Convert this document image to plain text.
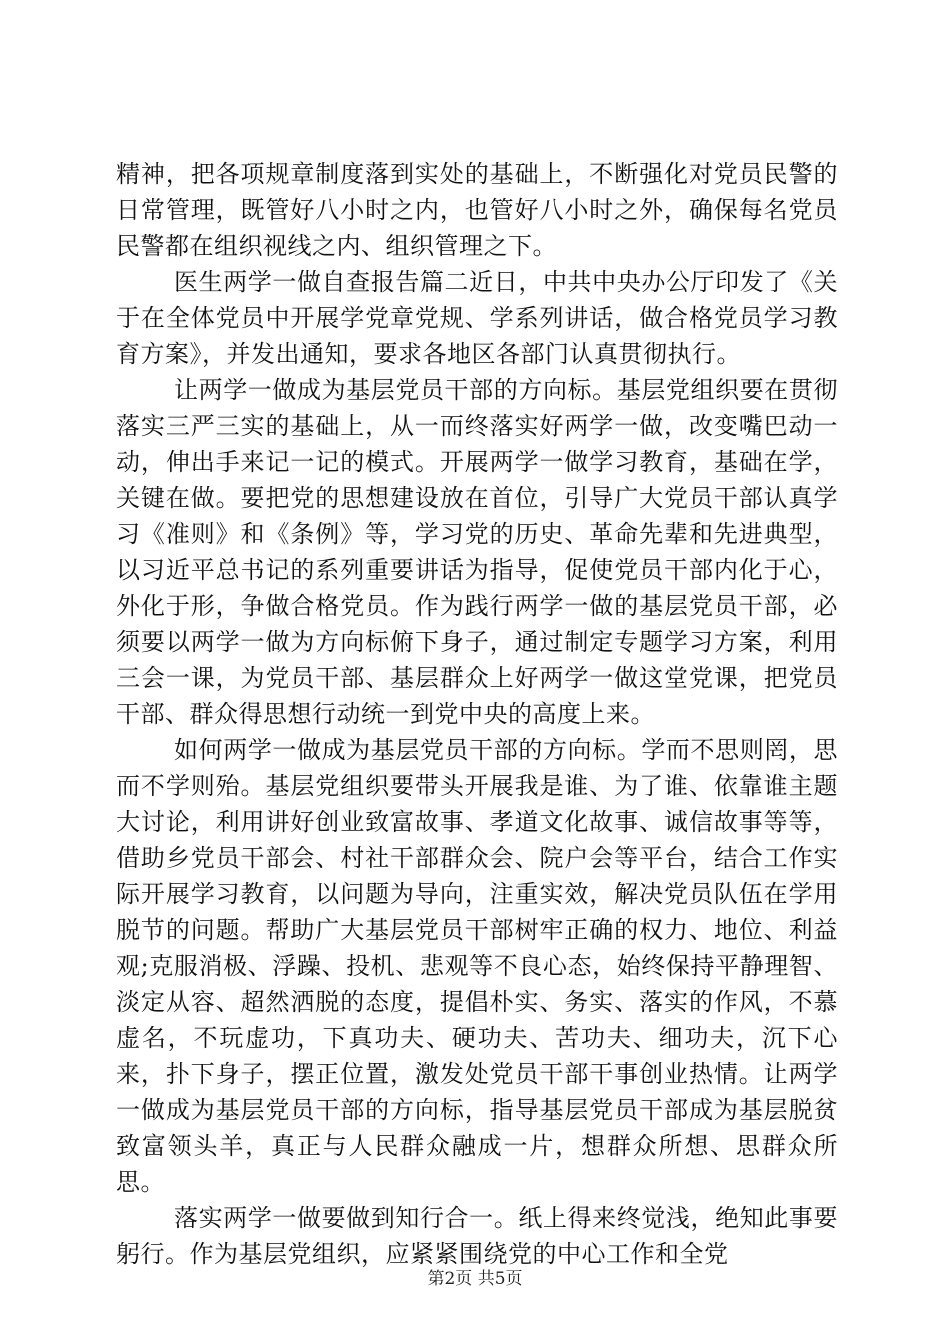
精神，把各项规章制度落到实处的基础上，不断强化对党员民警的日常管理，既管好八小时之内，也管好八小时之外，确保每名党员民警都在组织视线之内、组织管理之下。

医生两学一做自查报告篇二近日，中共中央办公厅印发了《关于在全体党员中开展学党章党规、学系列讲话，做合格党员学习教育方案》，并发出通知，要求各地区各部门认真贯彻执行。

让两学一做成为基层党员干部的方向标。基层党组织要在贯彻落实三严三实的基础上，从一而终落实好两学一做，改变嘴巴动一动，伸出手来记一记的模式。开展两学一做学习教育，基础在学，关键在做。要把党的思想建设放在首位，引导广大党员干部认真学习《准则》和《条例》等，学习党的历史、革命先辈和先进典型，以习近平总书记的系列重要讲话为指导，促使党员干部内化于心，外化于形，争做合格党员。作为践行两学一做的基层党员干部，必须要以两学一做为方向标俯下身子，通过制定专题学习方案，利用三会一课，为党员干部、基层群众上好两学一做这堂党课，把党员干部、群众得思想行动统一到党中央的高度上来。

如何两学一做成为基层党员干部的方向标。学而不思则罔，思而不学则殆。基层党组织要带头开展我是谁、为了谁、依靠谁主题大讨论，利用讲好创业致富故事、孝道文化故事、诚信故事等等，借助乡党员干部会、村社干部群众会、院户会等平台，结合工作实际开展学习教育，以问题为导向，注重实效，解决党员队伍在学用脱节的问题。帮助广大基层党员干部树牢正确的权力、地位、利益观;克服消极、浮躁、投机、悲观等不良心态，始终保持平静理智、淡定从容、超然洒脱的态度，提倡朴实、务实、落实的作风，不慕虚名，不玩虚功，下真功夫、硬功夫、苦功夫、细功夫，沉下心来，扑下身子，摆正位置，激发处党员干部干事创业热情。让两学一做成为基层党员干部的方向标，指导基层党员干部成为基层脱贫致富领头羊，真正与人民群众融成一片，想群众所想、思群众所思。

落实两学一做要做到知行合一。纸上得来终觉浅，绝知此事要躬行。作为基层党组织，应紧紧围绕党的中心工作和全党

第2页 共5页
